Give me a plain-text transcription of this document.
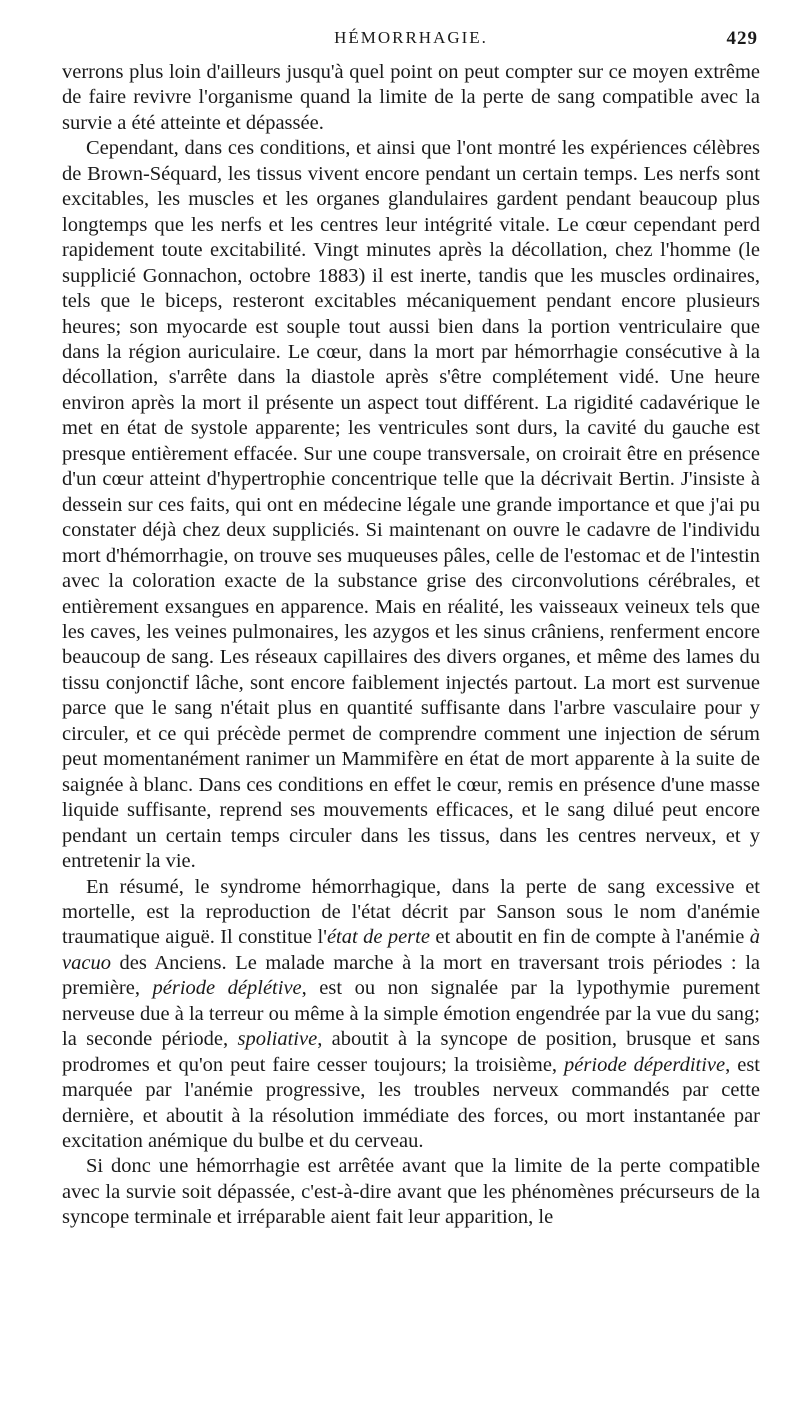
HÉMORRHAGIE.	429

verrons plus loin d'ailleurs jusqu'à quel point on peut compter sur ce moyen extrême de faire revivre l'organisme quand la limite de la perte de sang compatible avec la survie a été atteinte et dépassée.

Cependant, dans ces conditions, et ainsi que l'ont montré les expériences célèbres de Brown-Séquard, les tissus vivent encore pendant un certain temps. Les nerfs sont excitables, les muscles et les organes glandulaires gardent pendant beaucoup plus longtemps que les nerfs et les centres leur intégrité vitale. Le cœur cependant perd rapidement toute excitabilité. Vingt minutes après la décollation, chez l'homme (le supplicié Gonnachon, octobre 1883) il est inerte, tandis que les muscles ordinaires, tels que le biceps, resteront excitables mécaniquement pendant encore plusieurs heures; son myocarde est souple tout aussi bien dans la portion ventriculaire que dans la région auriculaire. Le cœur, dans la mort par hémorrhagie consécutive à la décollation, s'arrête dans la diastole après s'être complétement vidé. Une heure environ après la mort il présente un aspect tout différent. La rigidité cadavérique le met en état de systole apparente; les ventricules sont durs, la cavité du gauche est presque entièrement effacée. Sur une coupe transversale, on croirait être en présence d'un cœur atteint d'hypertrophie concentrique telle que la décrivait Bertin. J'insiste à dessein sur ces faits, qui ont en médecine légale une grande importance et que j'ai pu constater déjà chez deux suppliciés. Si maintenant on ouvre le cadavre de l'individu mort d'hémorrhagie, on trouve ses muqueuses pâles, celle de l'estomac et de l'intestin avec la coloration exacte de la substance grise des circonvolutions cérébrales, et entièrement exsangues en apparence. Mais en réalité, les vaisseaux veineux tels que les caves, les veines pulmonaires, les azygos et les sinus crâniens, renferment encore beaucoup de sang. Les réseaux capillaires des divers organes, et même des lames du tissu conjonctif lâche, sont encore faiblement injectés partout. La mort est survenue parce que le sang n'était plus en quantité suffisante dans l'arbre vasculaire pour y circuler, et ce qui précède permet de comprendre comment une injection de sérum peut momentanément ranimer un Mammifère en état de mort apparente à la suite de saignée à blanc. Dans ces conditions en effet le cœur, remis en présence d'une masse liquide suffisante, reprend ses mouvements efficaces, et le sang dilué peut encore pendant un certain temps circuler dans les tissus, dans les centres nerveux, et y entretenir la vie.

En résumé, le syndrome hémorrhagique, dans la perte de sang excessive et mortelle, est la reproduction de l'état décrit par Sanson sous le nom d'anémie traumatique aiguë. Il constitue l'état de perte et aboutit en fin de compte à l'anémie à vacuo des Anciens. Le malade marche à la mort en traversant trois périodes : la première, période déplétive, est ou non signalée par la lypothymie purement nerveuse due à la terreur ou même à la simple émotion engendrée par la vue du sang; la seconde période, spoliative, aboutit à la syncope de position, brusque et sans prodromes et qu'on peut faire cesser toujours; la troisième, période déperditive, est marquée par l'anémie progressive, les troubles nerveux commandés par cette dernière, et aboutit à la résolution immédiate des forces, ou mort instantanée par excitation anémique du bulbe et du cerveau.

Si donc une hémorrhagie est arrêtée avant que la limite de la perte compatible avec la survie soit dépassée, c'est-à-dire avant que les phénomènes précurseurs de la syncope terminale et irréparable aient fait leur apparition, le
